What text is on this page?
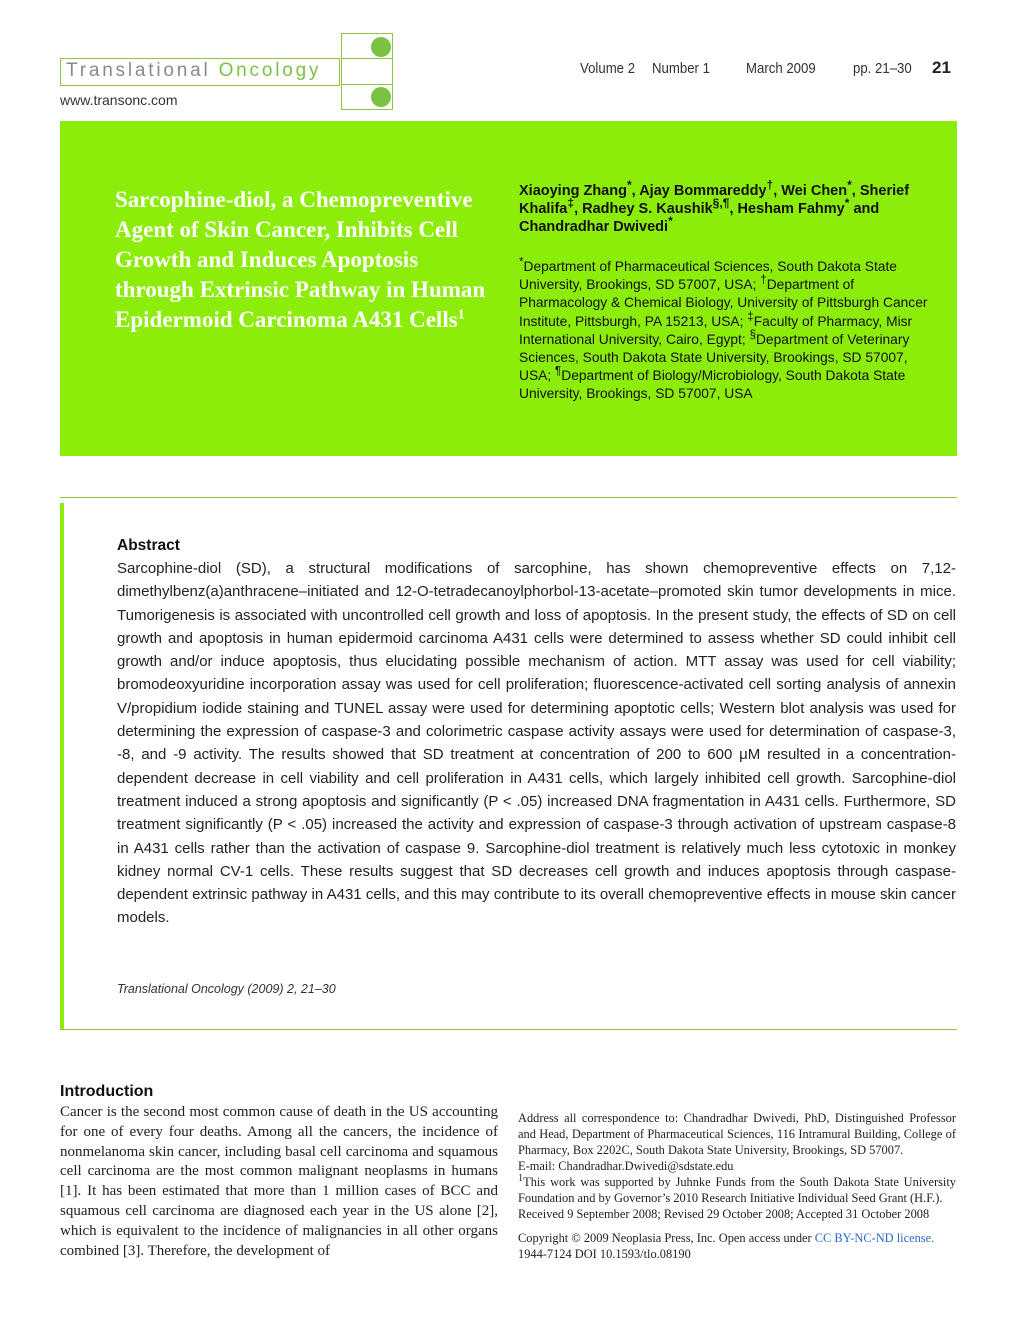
Translational Oncology
www.transonc.com
Volume 2 Number 1 March 2009 pp. 21–30 21
Sarcophine-diol, a Chemopreventive Agent of Skin Cancer, Inhibits Cell Growth and Induces Apoptosis through Extrinsic Pathway in Human Epidermoid Carcinoma A431 Cells$^1$
Xiaoying Zhang*, Ajay Bommareddy†, Wei Chen*, Sherief Khalifa‡, Radhey S. Kaushik§,¶, Hesham Fahmy* and Chandradhar Dwivedi*
*Department of Pharmaceutical Sciences, South Dakota State University, Brookings, SD 57007, USA; †Department of Pharmacology & Chemical Biology, University of Pittsburgh Cancer Institute, Pittsburgh, PA 15213, USA; ‡Faculty of Pharmacy, Misr International University, Cairo, Egypt; §Department of Veterinary Sciences, South Dakota State University, Brookings, SD 57007, USA; ¶Department of Biology/Microbiology, South Dakota State University, Brookings, SD 57007, USA
Abstract
Sarcophine-diol (SD), a structural modifications of sarcophine, has shown chemopreventive effects on 7,12-dimethylbenz(a)anthracene–initiated and 12-O-tetradecanoylphorbol-13-acetate–promoted skin tumor developments in mice. Tumorigenesis is associated with uncontrolled cell growth and loss of apoptosis. In the present study, the effects of SD on cell growth and apoptosis in human epidermoid carcinoma A431 cells were determined to assess whether SD could inhibit cell growth and/or induce apoptosis, thus elucidating possible mechanism of action. MTT assay was used for cell viability; bromodeoxyuridine incorporation assay was used for cell proliferation; fluorescence-activated cell sorting analysis of annexin V/propidium iodide staining and TUNEL assay were used for determining apoptotic cells; Western blot analysis was used for determining the expression of caspase-3 and colorimetric caspase activity assays were used for determination of caspase-3, -8, and -9 activity. The results showed that SD treatment at concentration of 200 to 600 μM resulted in a concentration-dependent decrease in cell viability and cell proliferation in A431 cells, which largely inhibited cell growth. Sarcophine-diol treatment induced a strong apoptosis and significantly (P < .05) increased DNA fragmentation in A431 cells. Furthermore, SD treatment significantly (P < .05) increased the activity and expression of caspase-3 through activation of upstream caspase-8 in A431 cells rather than the activation of caspase 9. Sarcophine-diol treatment is relatively much less cytotoxic in monkey kidney normal CV-1 cells. These results suggest that SD decreases cell growth and induces apoptosis through caspase-dependent extrinsic pathway in A431 cells, and this may contribute to its overall chemopreventive effects in mouse skin cancer models.
Translational Oncology (2009) 2, 21–30
Introduction
Cancer is the second most common cause of death in the US accounting for one of every four deaths. Among all the cancers, the incidence of nonmelanoma skin cancer, including basal cell carcinoma and squamous cell carcinoma are the most common malignant neoplasms in humans [1]. It has been estimated that more than 1 million cases of BCC and squamous cell carcinoma are diagnosed each year in the US alone [2], which is equivalent to the incidence of malignancies in all other organs combined [3]. Therefore, the development of
Address all correspondence to: Chandradhar Dwivedi, PhD, Distinguished Professor and Head, Department of Pharmaceutical Sciences, 116 Intramural Building, College of Pharmacy, Box 2202C, South Dakota State University, Brookings, SD 57007.
E-mail: Chandradhar.Dwivedi@sdstate.edu
$^1$This work was supported by Juhnke Funds from the South Dakota State University Foundation and by Governor’s 2010 Research Initiative Individual Seed Grant (H.F.).
Received 9 September 2008; Revised 29 October 2008; Accepted 31 October 2008
Copyright © 2009 Neoplasia Press, Inc. Open access under CC BY-NC-ND license.
1944-7124 DOI 10.1593/tlo.08190
